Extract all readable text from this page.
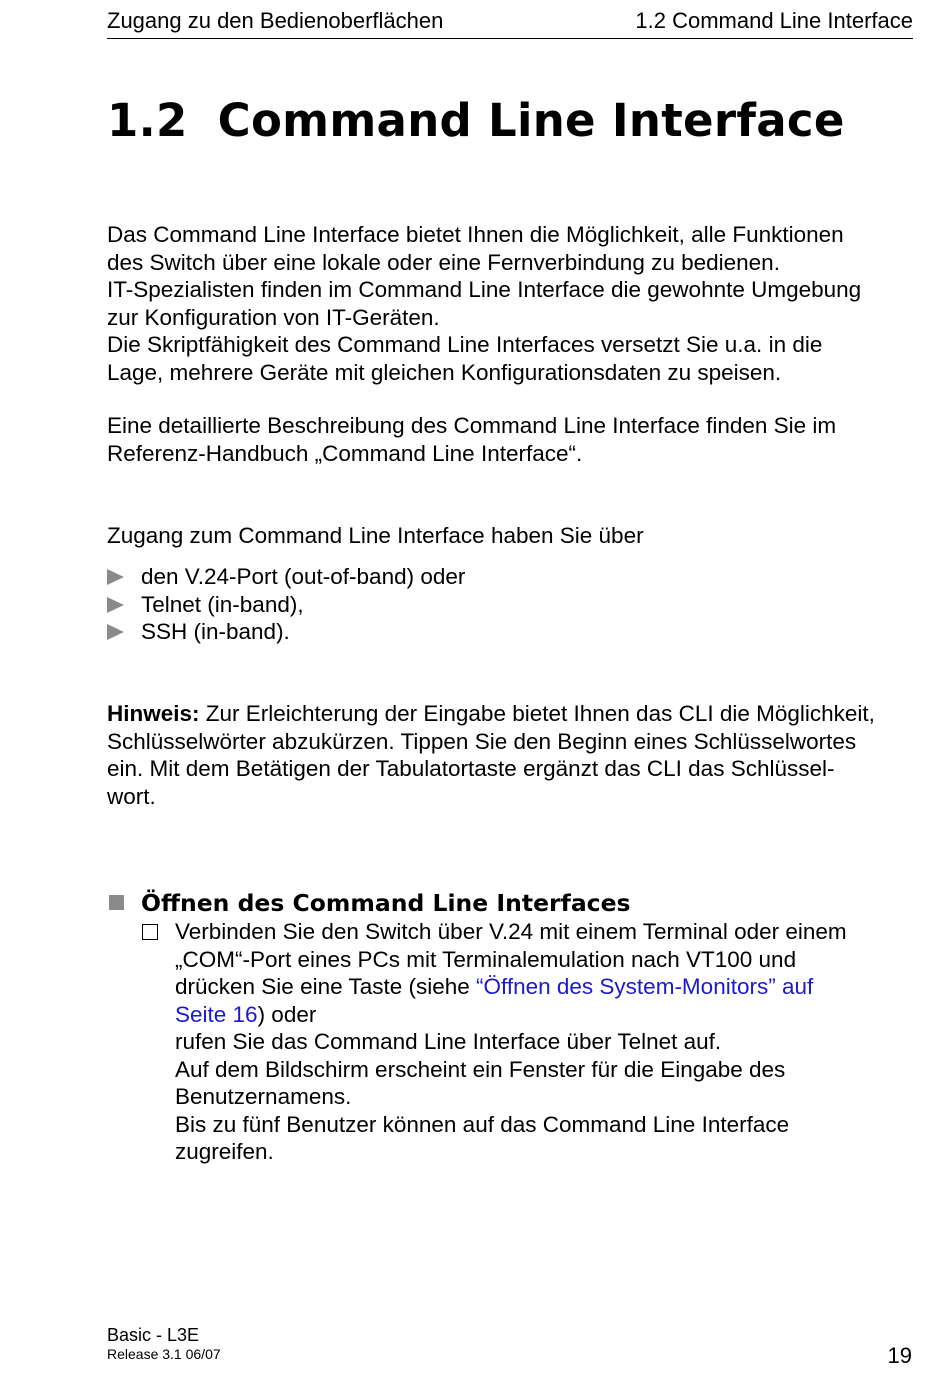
Zugang zu den Bedienoberflächen	1.2 Command Line Interface
1.2 Command Line Interface

Das Command Line Interface bietet Ihnen die Möglichkeit, alle Funktionen

des Switch über eine lokale oder eine Fernverbindung zu bedienen.

IT-Spezialisten finden im Command Line Interface die gewohnte Umgebung

zur Konfiguration von IT-Geräten.

Die Skriptfähigkeit des Command Line Interfaces versetzt Sie u.a. in die

Lage, mehrere Geräte mit gleichen Konfigurationsdaten zu speisen.

Eine detaillierte Beschreibung des Command Line Interface finden Sie im

Referenz-Handbuch „Command Line Interface“.

Zugang zum Command Line Interface haben Sie über

den V.24-Port (out-of-band) oder
Telnet (in-band),
SSH (in-band).

Hinweis: Zur Erleichterung der Eingabe bietet Ihnen das CLI die Möglichkeit,

Schlüsselwörter abzukürzen. Tippen Sie den Beginn eines Schlüsselwortes

ein. Mit dem Betätigen der Tabulatortaste ergänzt das CLI das Schlüssel-

wort.

Öffnen des Command Line Interfaces

Verbinden Sie den Switch über V.24 mit einem Terminal oder einem

„COM“-Port eines PCs mit Terminalemulation nach VT100 und

drücken Sie eine Taste (siehe “Öffnen des System-Monitors” auf

Seite 16) oder

rufen Sie das Command Line Interface über Telnet auf.

Auf dem Bildschirm erscheint ein Fenster für die Eingabe des

Benutzernamens.

Bis zu fünf Benutzer können auf das Command Line Interface

zugreifen.

Basic - L3E
Release 3.1 06/07	19
